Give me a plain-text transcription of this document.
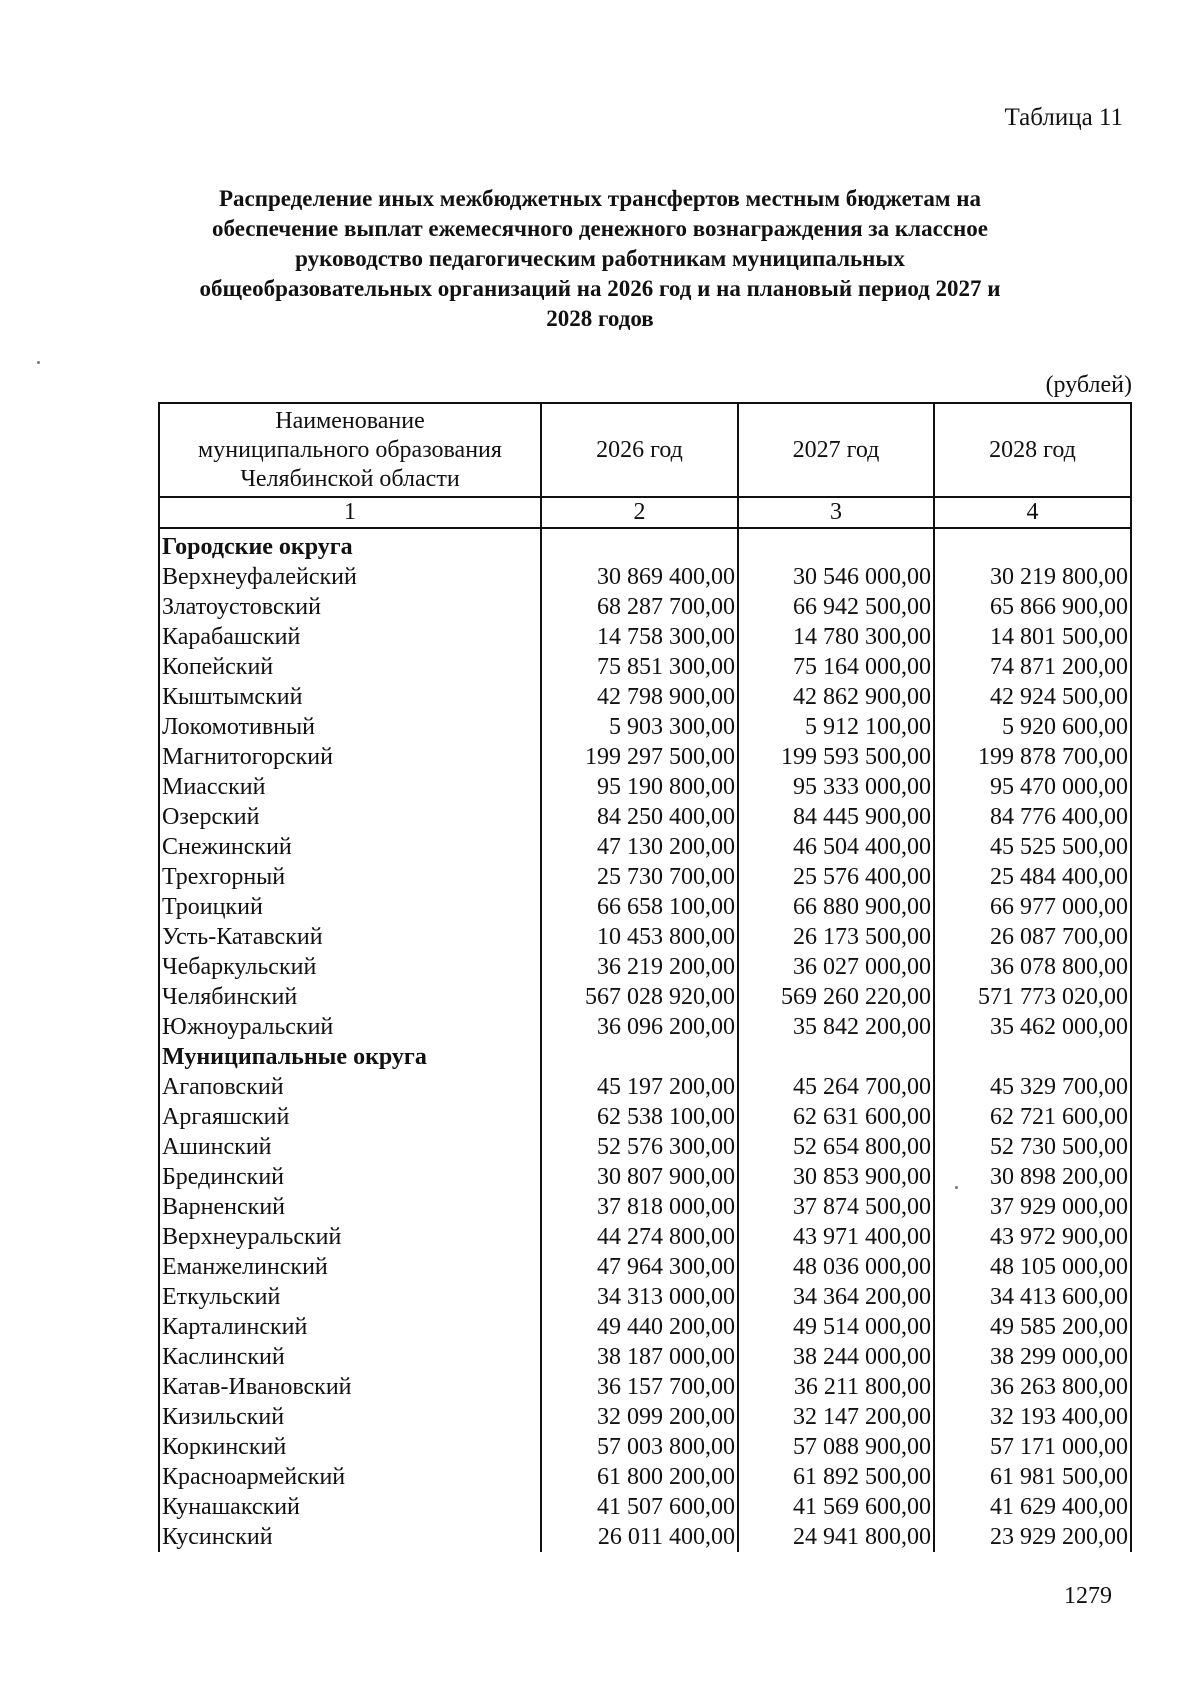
Таблица 11
Распределение иных межбюджетных трансфертов местным бюджетам на
обеспечение выплат ежемесячного денежного вознаграждения за классное
руководство педагогическим работникам муниципальных
общеобразовательных организаций на 2026 год и на плановый период 2027 и
2028 годов
(рублей)
Наименование
муниципального образования
Челябинской области	2026 год	2027 год	2028 год
1	2	3	4

Городские округа			
Верхнеуфалейский	30 869 400,00	30 546 000,00	30 219 800,00
Златоустовский	68 287 700,00	66 942 500,00	65 866 900,00
Карабашский	14 758 300,00	14 780 300,00	14 801 500,00
Копейский	75 851 300,00	75 164 000,00	74 871 200,00
Кыштымский	42 798 900,00	42 862 900,00	42 924 500,00
Локомотивный	5 903 300,00	5 912 100,00	5 920 600,00
Магнитогорский	199 297 500,00	199 593 500,00	199 878 700,00
Миасский	95 190 800,00	95 333 000,00	95 470 000,00
Озерский	84 250 400,00	84 445 900,00	84 776 400,00
Снежинский	47 130 200,00	46 504 400,00	45 525 500,00
Трехгорный	25 730 700,00	25 576 400,00	25 484 400,00
Троицкий	66 658 100,00	66 880 900,00	66 977 000,00
Усть-Катавский	10 453 800,00	26 173 500,00	26 087 700,00
Чебаркульский	36 219 200,00	36 027 000,00	36 078 800,00
Челябинский	567 028 920,00	569 260 220,00	571 773 020,00
Южноуральский	36 096 200,00	35 842 200,00	35 462 000,00
Муниципальные округа			
Агаповский	45 197 200,00	45 264 700,00	45 329 700,00
Аргаяшский	62 538 100,00	62 631 600,00	62 721 600,00
Ашинский	52 576 300,00	52 654 800,00	52 730 500,00
Брединский	30 807 900,00	30 853 900,00	30 898 200,00
Варненский	37 818 000,00	37 874 500,00	37 929 000,00
Верхнеуральский	44 274 800,00	43 971 400,00	43 972 900,00
Еманжелинский	47 964 300,00	48 036 000,00	48 105 000,00
Еткульский	34 313 000,00	34 364 200,00	34 413 600,00
Карталинский	49 440 200,00	49 514 000,00	49 585 200,00
Каслинский	38 187 000,00	38 244 000,00	38 299 000,00
Катав-Ивановский	36 157 700,00	36 211 800,00	36 263 800,00
Кизильский	32 099 200,00	32 147 200,00	32 193 400,00
Коркинский	57 003 800,00	57 088 900,00	57 171 000,00
Красноармейский	61 800 200,00	61 892 500,00	61 981 500,00
Кунашакский	41 507 600,00	41 569 600,00	41 629 400,00
Кусинский	26 011 400,00	24 941 800,00	23 929 200,00
1279
